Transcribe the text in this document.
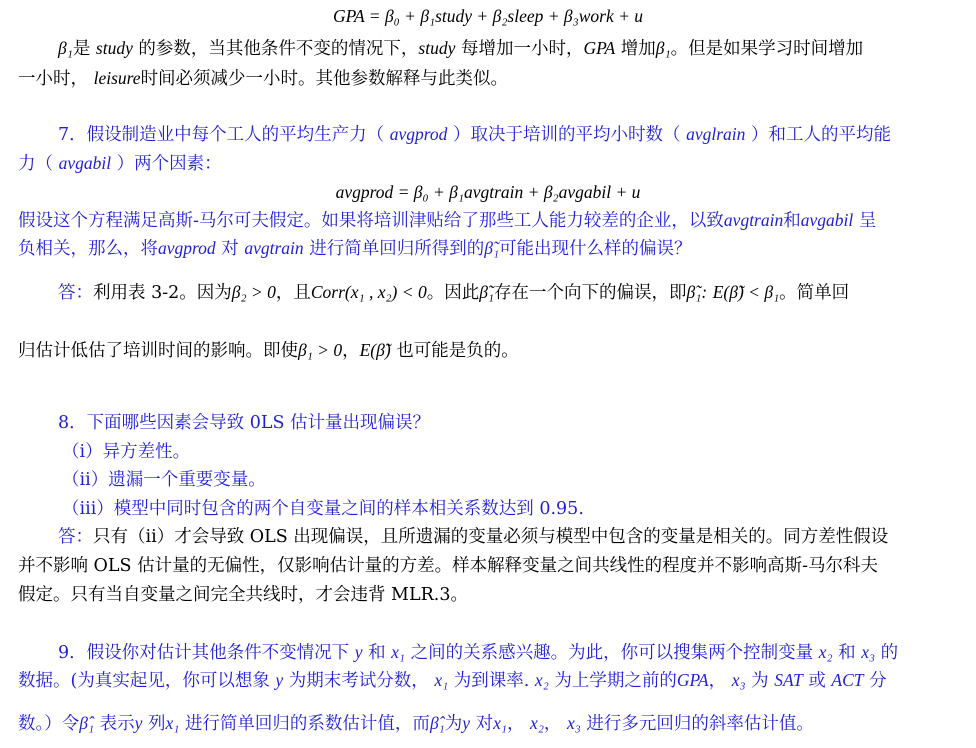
GPA = β₀ + β₁study + β₂sleep + β₃work + u
β₁是 study 的参数，当其他条件不变的情况下，study 每增加一小时，GPA 增加β₁。但是如果学习时间增加
一小时， leisure时间必须减少一小时。其他参数解释与此类似。
7．假设制造业中每个工人的平均生产力（ avgprod ）取决于培训的平均小时数（ avglrain ）和工人的平均能
力（ avgabil ）两个因素：
avgprod = β₀ + β₁avgtrain + β₂avgabil + u
假设这个方程满足高斯-马尔可夫假定。如果将培训津贴给了那些工人能力较差的企业，以致avgtrain和avgabil 呈
负相关，那么，将avgprod 对 avgtrain 进行简单回归所得到的β̃₁可能出现什么样的偏误？
答：利用表 3-2。因为β₂ > 0，且Corr(x₁ , x₂) < 0。因此β̃₁存在一个向下的偏误，即β̃₁: E(β̃) < β₁。简单回
归估计低估了培训时间的影响。即使β₁ > 0，E(β̃) 也可能是负的。
8．下面哪些因素会导致 0LS 估计量出现偏误？
（i）异方差性。
（ii）遗漏一个重要变量。
（iii）模型中同时包含的两个自变量之间的样本相关系数达到 0.95.
答：只有（ii）才会导致 OLS 出现偏误，且所遗漏的变量必须与模型中包含的变量是相关的。同方差性假设
并不影响 OLS 估计量的无偏性，仅影响估计量的方差。样本解释变量之间共线性的程度并不影响高斯-马尔科夫
假定。只有当自变量之间完全共线时，才会违背 MLR.3。
9．假设你对估计其他条件不变情况下 y 和 x₁ 之间的关系感兴趣。为此，你可以搜集两个控制变量 x₂ 和 x₃ 的
数据。(为真实起见，你可以想象 y 为期末考试分数， x₁ 为到课率. x₂ 为上学期之前的GPA， x₃ 为 SAT 或 ACT 分
数。）令β̂₁ 表示y 列x₁ 进行简单回归的系数估计值，而β̂₁为y 对x₁， x₂， x₃ 进行多元回归的斜率估计值。
